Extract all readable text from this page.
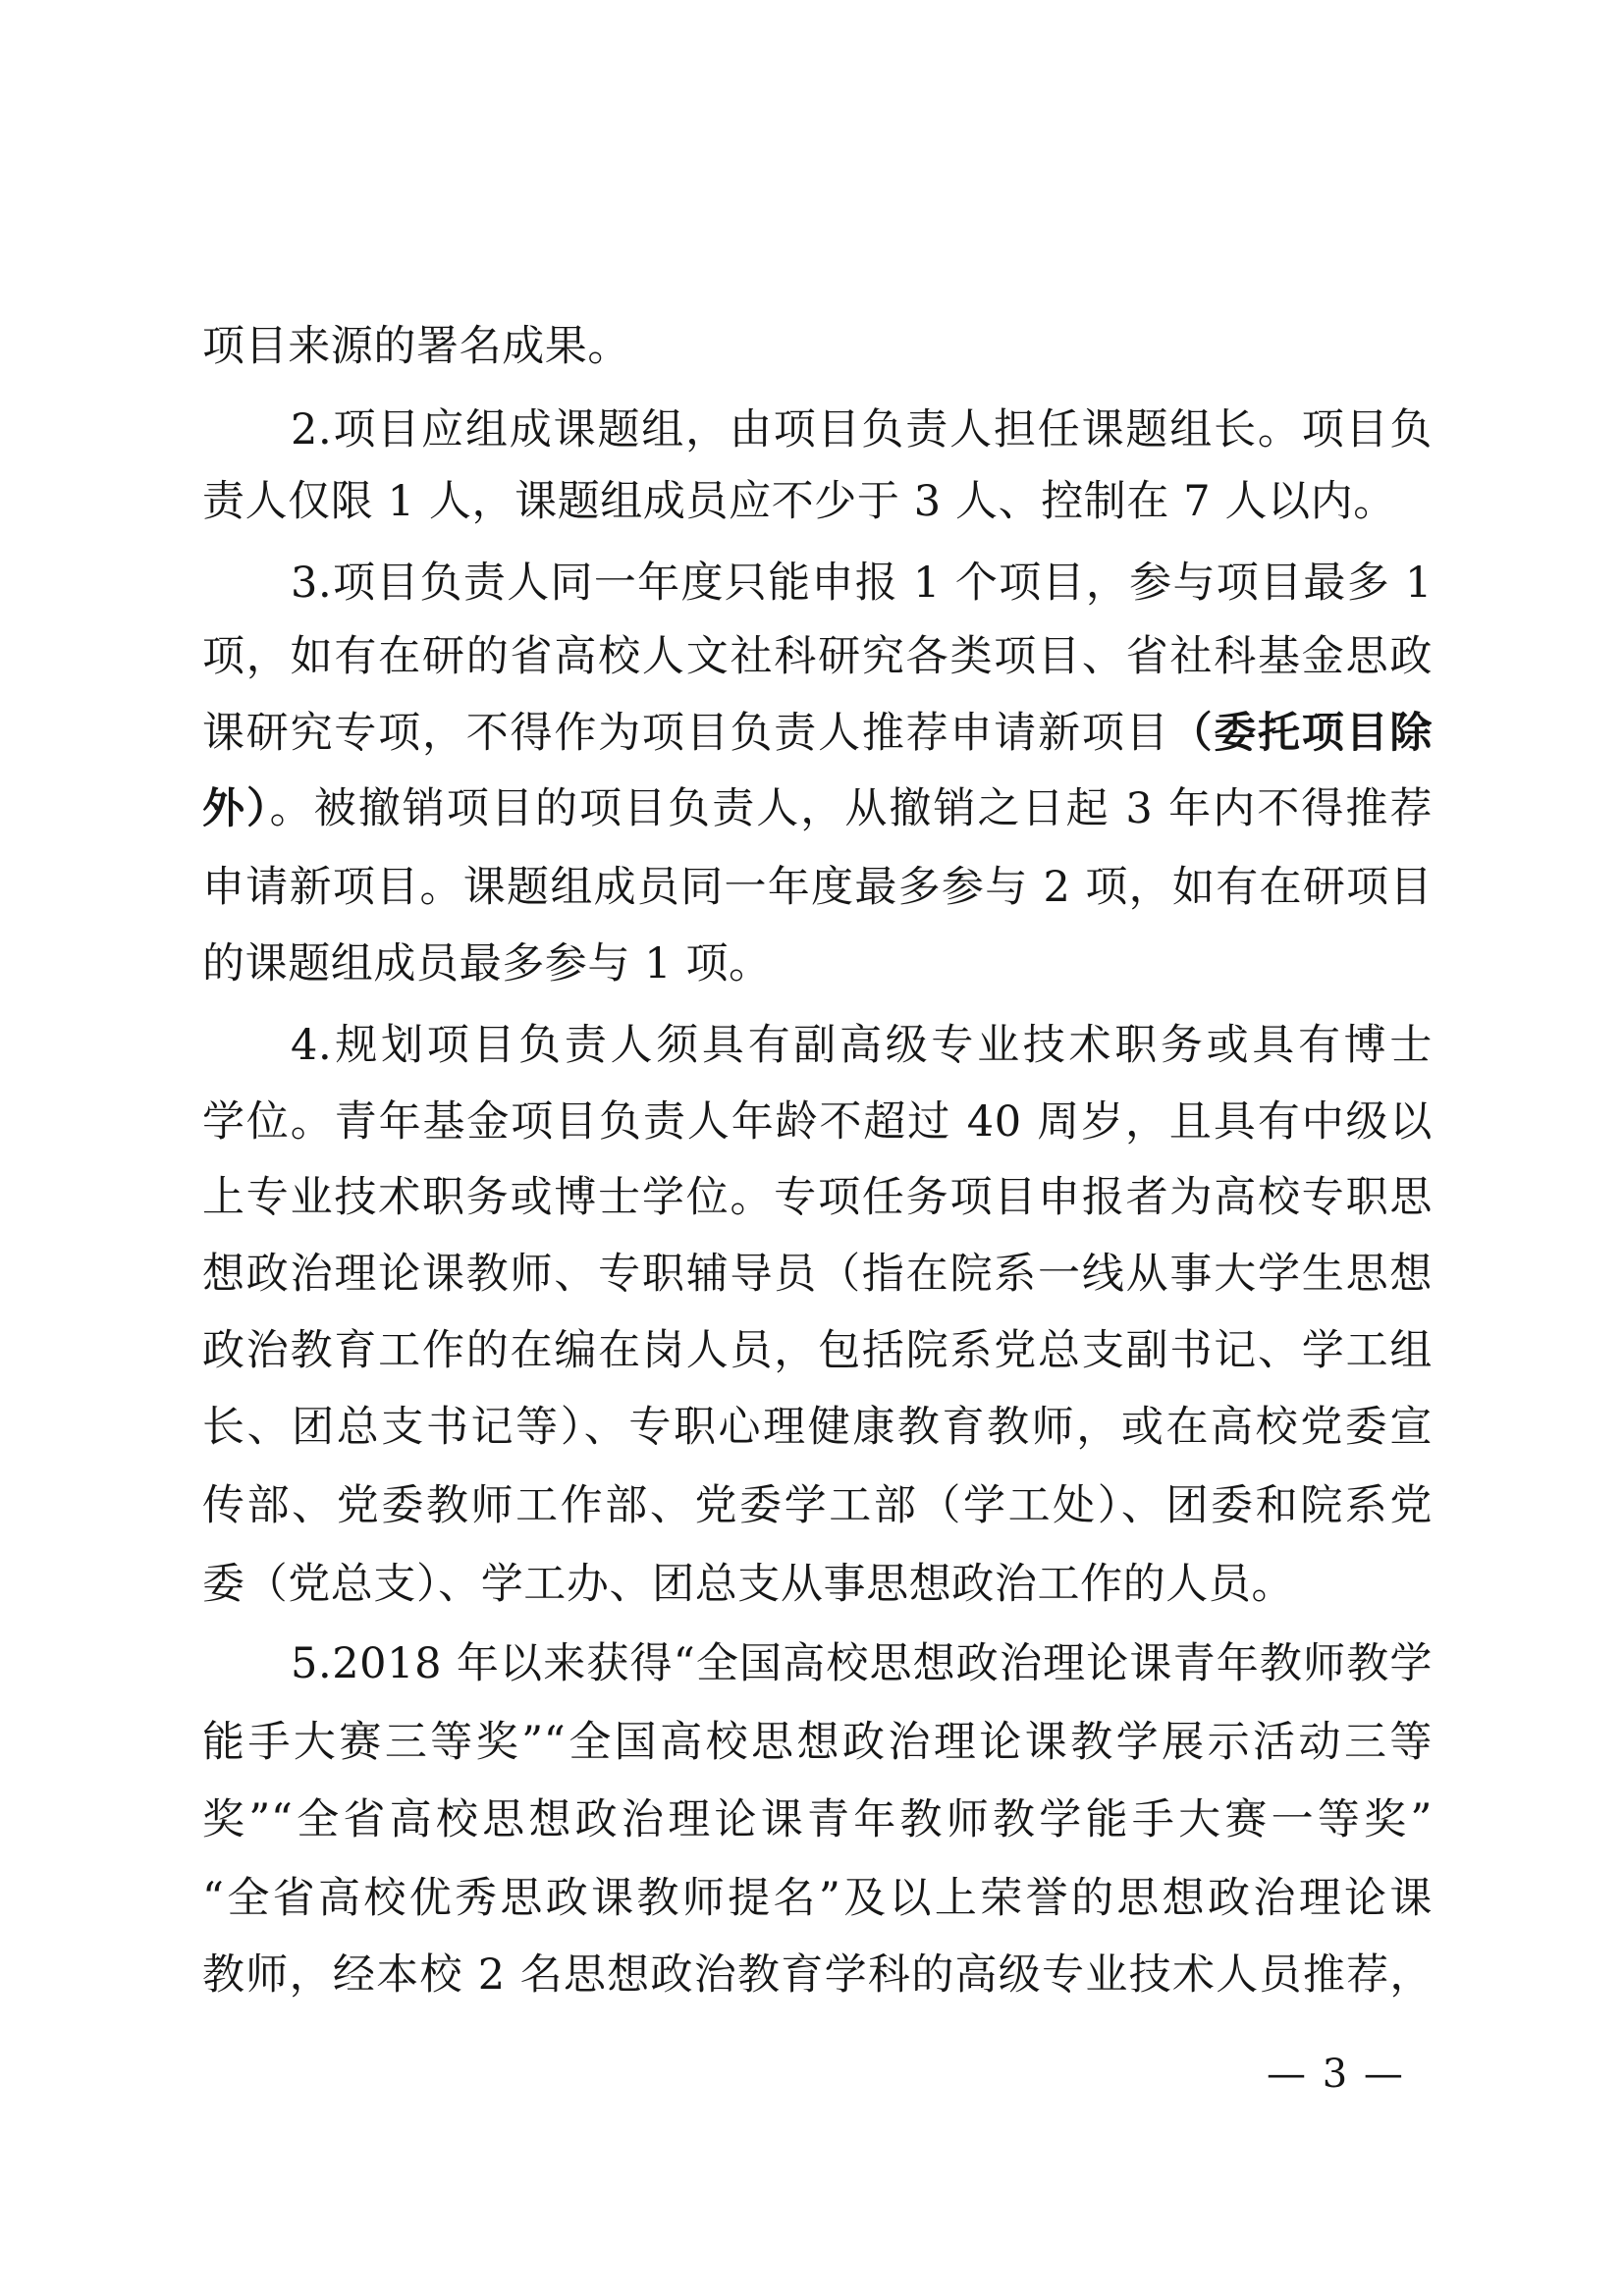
项目来源的署名成果。
2.项目应组成课题组，由项目负责人担任课题组长。项目负
责人仅限 1 人，课题组成员应不少于 3 人、控制在 7 人以内。
3.项目负责人同一年度只能申报 1 个项目，参与项目最多 1
项，如有在研的省高校人文社科研究各类项目、省社科基金思政
课研究专项，不得作为项目负责人推荐申请新项目（委托项目除
外）。被撤销项目的项目负责人，从撤销之日起 3 年内不得推荐
申请新项目。课题组成员同一年度最多参与 2 项，如有在研项目
的课题组成员最多参与 1 项。
4.规划项目负责人须具有副高级专业技术职务或具有博士
学位。青年基金项目负责人年龄不超过 40 周岁，且具有中级以
上专业技术职务或博士学位。专项任务项目申报者为高校专职思
想政治理论课教师、专职辅导员（指在院系一线从事大学生思想
政治教育工作的在编在岗人员，包括院系党总支副书记、学工组
长、团总支书记等）、专职心理健康教育教师，或在高校党委宣
传部、党委教师工作部、党委学工部（学工处）、团委和院系党
委（党总支）、学工办、团总支从事思想政治工作的人员。
5.2018 年以来获得“全国高校思想政治理论课青年教师教学
能手大赛三等奖”“全国高校思想政治理论课教学展示活动三等
奖”“全省高校思想政治理论课青年教师教学能手大赛一等奖”
“全省高校优秀思政课教师提名”及以上荣誉的思想政治理论课
教师，经本校 2 名思想政治教育学科的高级专业技术人员推荐，
— 3 —
